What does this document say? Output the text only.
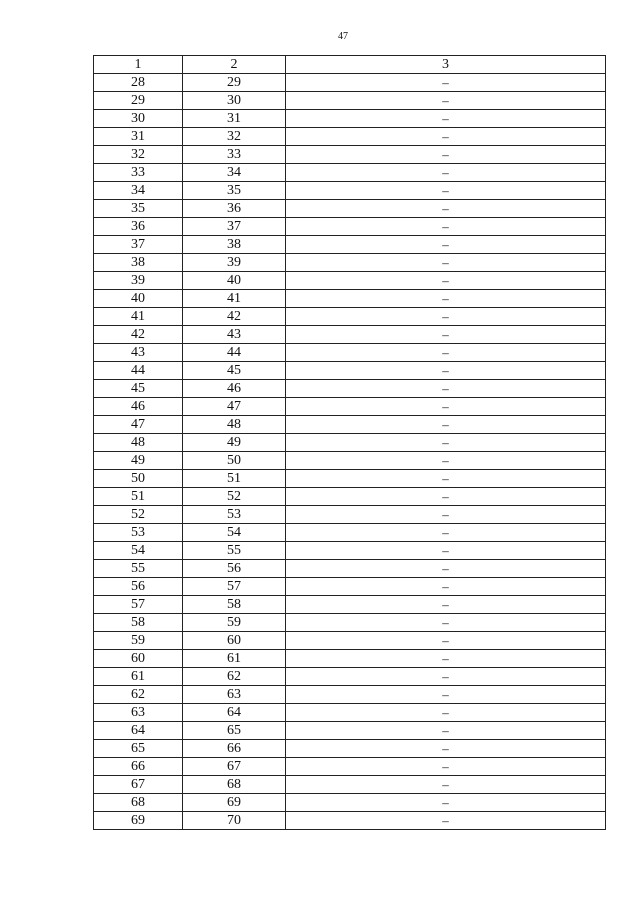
47
1	2	3
28	29	–
29	30	–
30	31	–
31	32	–
32	33	–
33	34	–
34	35	–
35	36	–
36	37	–
37	38	–
38	39	–
39	40	–
40	41	–
41	42	–
42	43	–
43	44	–
44	45	–
45	46	–
46	47	–
47	48	–
48	49	–
49	50	–
50	51	–
51	52	–
52	53	–
53	54	–
54	55	–
55	56	–
56	57	–
57	58	–
58	59	–
59	60	–
60	61	–
61	62	–
62	63	–
63	64	–
64	65	–
65	66	–
66	67	–
67	68	–
68	69	–
69	70	–
